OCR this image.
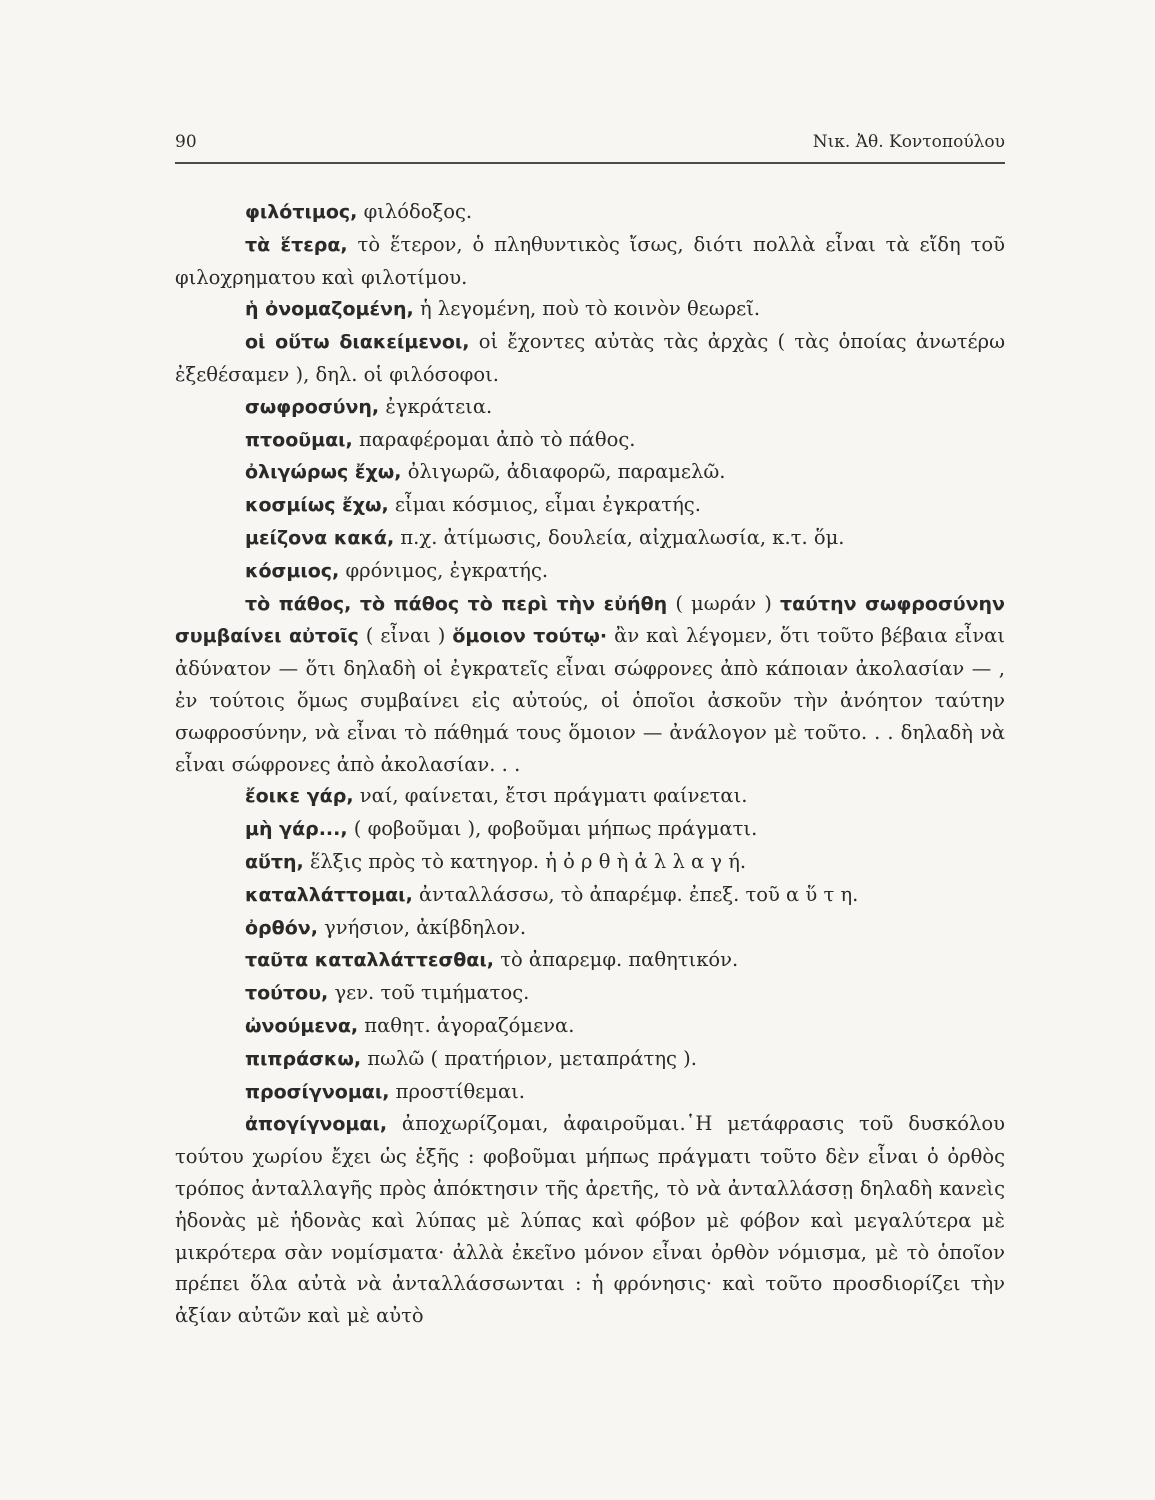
90	Νικ. Ἀθ. Κοντοπούλου

φιλότιμος, φιλόδοξος.

τὰ ἕτερα, τὸ ἕτερον, ὁ πληθυντικὸς ἴσως, διότι πολλὰ εἶναι τὰ εἴδη τοῦ φιλοχρηματου καὶ φιλοτίμου.

ἡ ὀνομαζομένη, ἡ λεγομένη, ποὺ τὸ κοινὸν θεωρεῖ.

οἱ οὕτω διακείμενοι, οἱ ἔχοντες αὐτὰς τὰς ἀρχὰς ( τὰς ὁποίας ἀνωτέρω ἐξεθέσαμεν ), δηλ. οἱ φιλόσοφοι.

σωφροσύνη, ἐγκράτεια.

πτοοῦμαι, παραφέρομαι ἀπὸ τὸ πάθος.

ὀλιγώρως ἔχω, ὀλιγωρῶ, ἀδιαφορῶ, παραμελῶ.

κοσμίως ἔχω, εἶμαι κόσμιος, εἶμαι ἐγκρατής.

μείζονα κακά, π.χ. ἀτίμωσις, δουλεία, αἰχμαλωσία, κ.τ. ὅμ.

κόσμιος, φρόνιμος, ἐγκρατής.

τὸ πάθος, τὸ πάθος τὸ περὶ τὴν εὐήθη ( μωράν ) ταύτην σωφροσύνην συμβαίνει αὐτοῖς ( εἶναι ) ὅμοιον τούτῳ· ἂν καὶ λέγομεν, ὅτι τοῦτο βέβαια εἶναι ἀδύνατον — ὅτι δηλαδὴ οἱ ἐγκρατεῖς εἶναι σώφρονες ἀπὸ κάποιαν ἀκολασίαν — , ἐν τούτοις ὅμως συμβαίνει εἰς αὐτούς, οἱ ὁποῖοι ἀσκοῦν τὴν ἀνόητον ταύτην σωφροσύνην, νὰ εἶναι τὸ πάθημά τους ὅμοιον — ἀνάλογον μὲ τοῦτο. . . δηλαδὴ νὰ εἶναι σώφρονες ἀπὸ ἀκολασίαν. . .

ἔοικε γάρ, ναί, φαίνεται, ἔτσι πράγματι φαίνεται.

μὴ γάρ..., ( φοβοῦμαι ), φοβοῦμαι μήπως πράγματι.

αὕτη, ἕλξις πρὸς τὸ κατηγορ. ἡ ὀ ρ θ ὴ ἀ λ λ α γ ή.

καταλλάττομαι, ἀνταλλάσσω, τὸ ἀπαρέμφ. ἐπεξ. τοῦ α ὕ τ η.

ὀρθόν, γνήσιον, ἀκίβδηλον.

ταῦτα καταλλάττεσθαι, τὸ ἀπαρεμφ. παθητικόν.

τούτου, γεν. τοῦ τιμήματος.

ὠνούμενα, παθητ. ἀγοραζόμενα.

πιπράσκω, πωλῶ ( πρατήριον, μεταπράτης ).

προσίγνομαι, προστίθεμαι.

ἀπογίγνομαι, ἀποχωρίζομαι, ἀφαιροῦμαι.῾Η μετάφρασις τοῦ δυσκόλου τούτου χωρίου ἔχει ὡς ἑξῆς : φοβοῦμαι μήπως πράγματι τοῦτο δὲν εἶναι ὁ ὀρθὸς τρόπος ἀνταλλαγῆς πρὸς ἀπόκτησιν τῆς ἀρετῆς, τὸ νὰ ἀνταλλάσσῃ δηλαδὴ κανεὶς ἡδονὰς μὲ ἡδονὰς καὶ λύπας μὲ λύπας καὶ φόβον μὲ φόβον καὶ μεγαλύτερα μὲ μικρότερα σὰν νομίσματα· ἀλλὰ ἐκεῖνο μόνον εἶναι ὀρθὸν νόμισμα, μὲ τὸ ὁποῖον πρέπει ὅλα αὐτὰ νὰ ἀνταλλάσσωνται : ἡ φρόνησις· καὶ τοῦτο προσδιορίζει τὴν ἀξίαν αὐτῶν καὶ μὲ αὐτὸ
